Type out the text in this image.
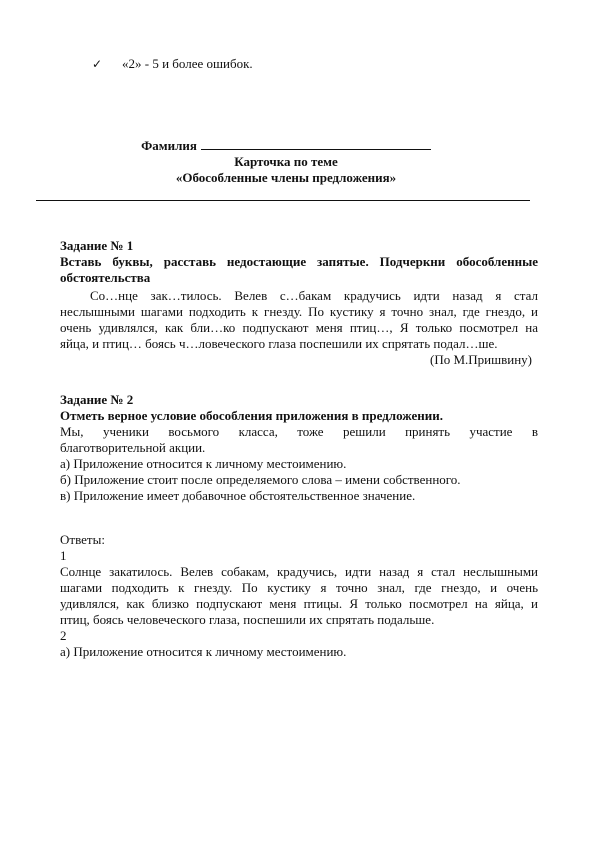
✓ «2» - 5 и более ошибок.
Фамилия
Карточка по теме
«Обособленные члены предложения»

Задание № 1

Вставь буквы, расставь недостающие запятые. Подчеркни обособленные

обстоятельства

Со…нце зак…тилось. Велев с…бакам крадучись идти назад я стал

неслышными шагами подходить к гнезду. По кустику я точно знал, где гнездо, и

очень удивлялся, как бли…ко подпускают меня птиц…, Я только посмотрел на

яйца, и птиц… боясь ч…ловеческого глаза поспешили их спрятать подал…ше.

(По М.Пришвину)

Задание № 2

Отметь верное условие обособления приложения в предложении.

Мы, ученики восьмого класса, тоже решили принять участие в

благотворительной акции.

а) Приложение относится к личному местоимению.

б) Приложение стоит после определяемого слова – имени собственного.

в) Приложение имеет добавочное обстоятельственное значение.

Ответы:

1

Солнце закатилось. Велев собакам, крадучись, идти назад я стал неслышными

шагами подходить к гнезду. По кустику я точно знал, где гнездо, и очень

удивлялся, как близко подпускают меня птицы. Я только посмотрел на яйца, и

птиц, боясь человеческого глаза, поспешили их спрятать подальше.

2

а) Приложение относится к личному местоимению.
